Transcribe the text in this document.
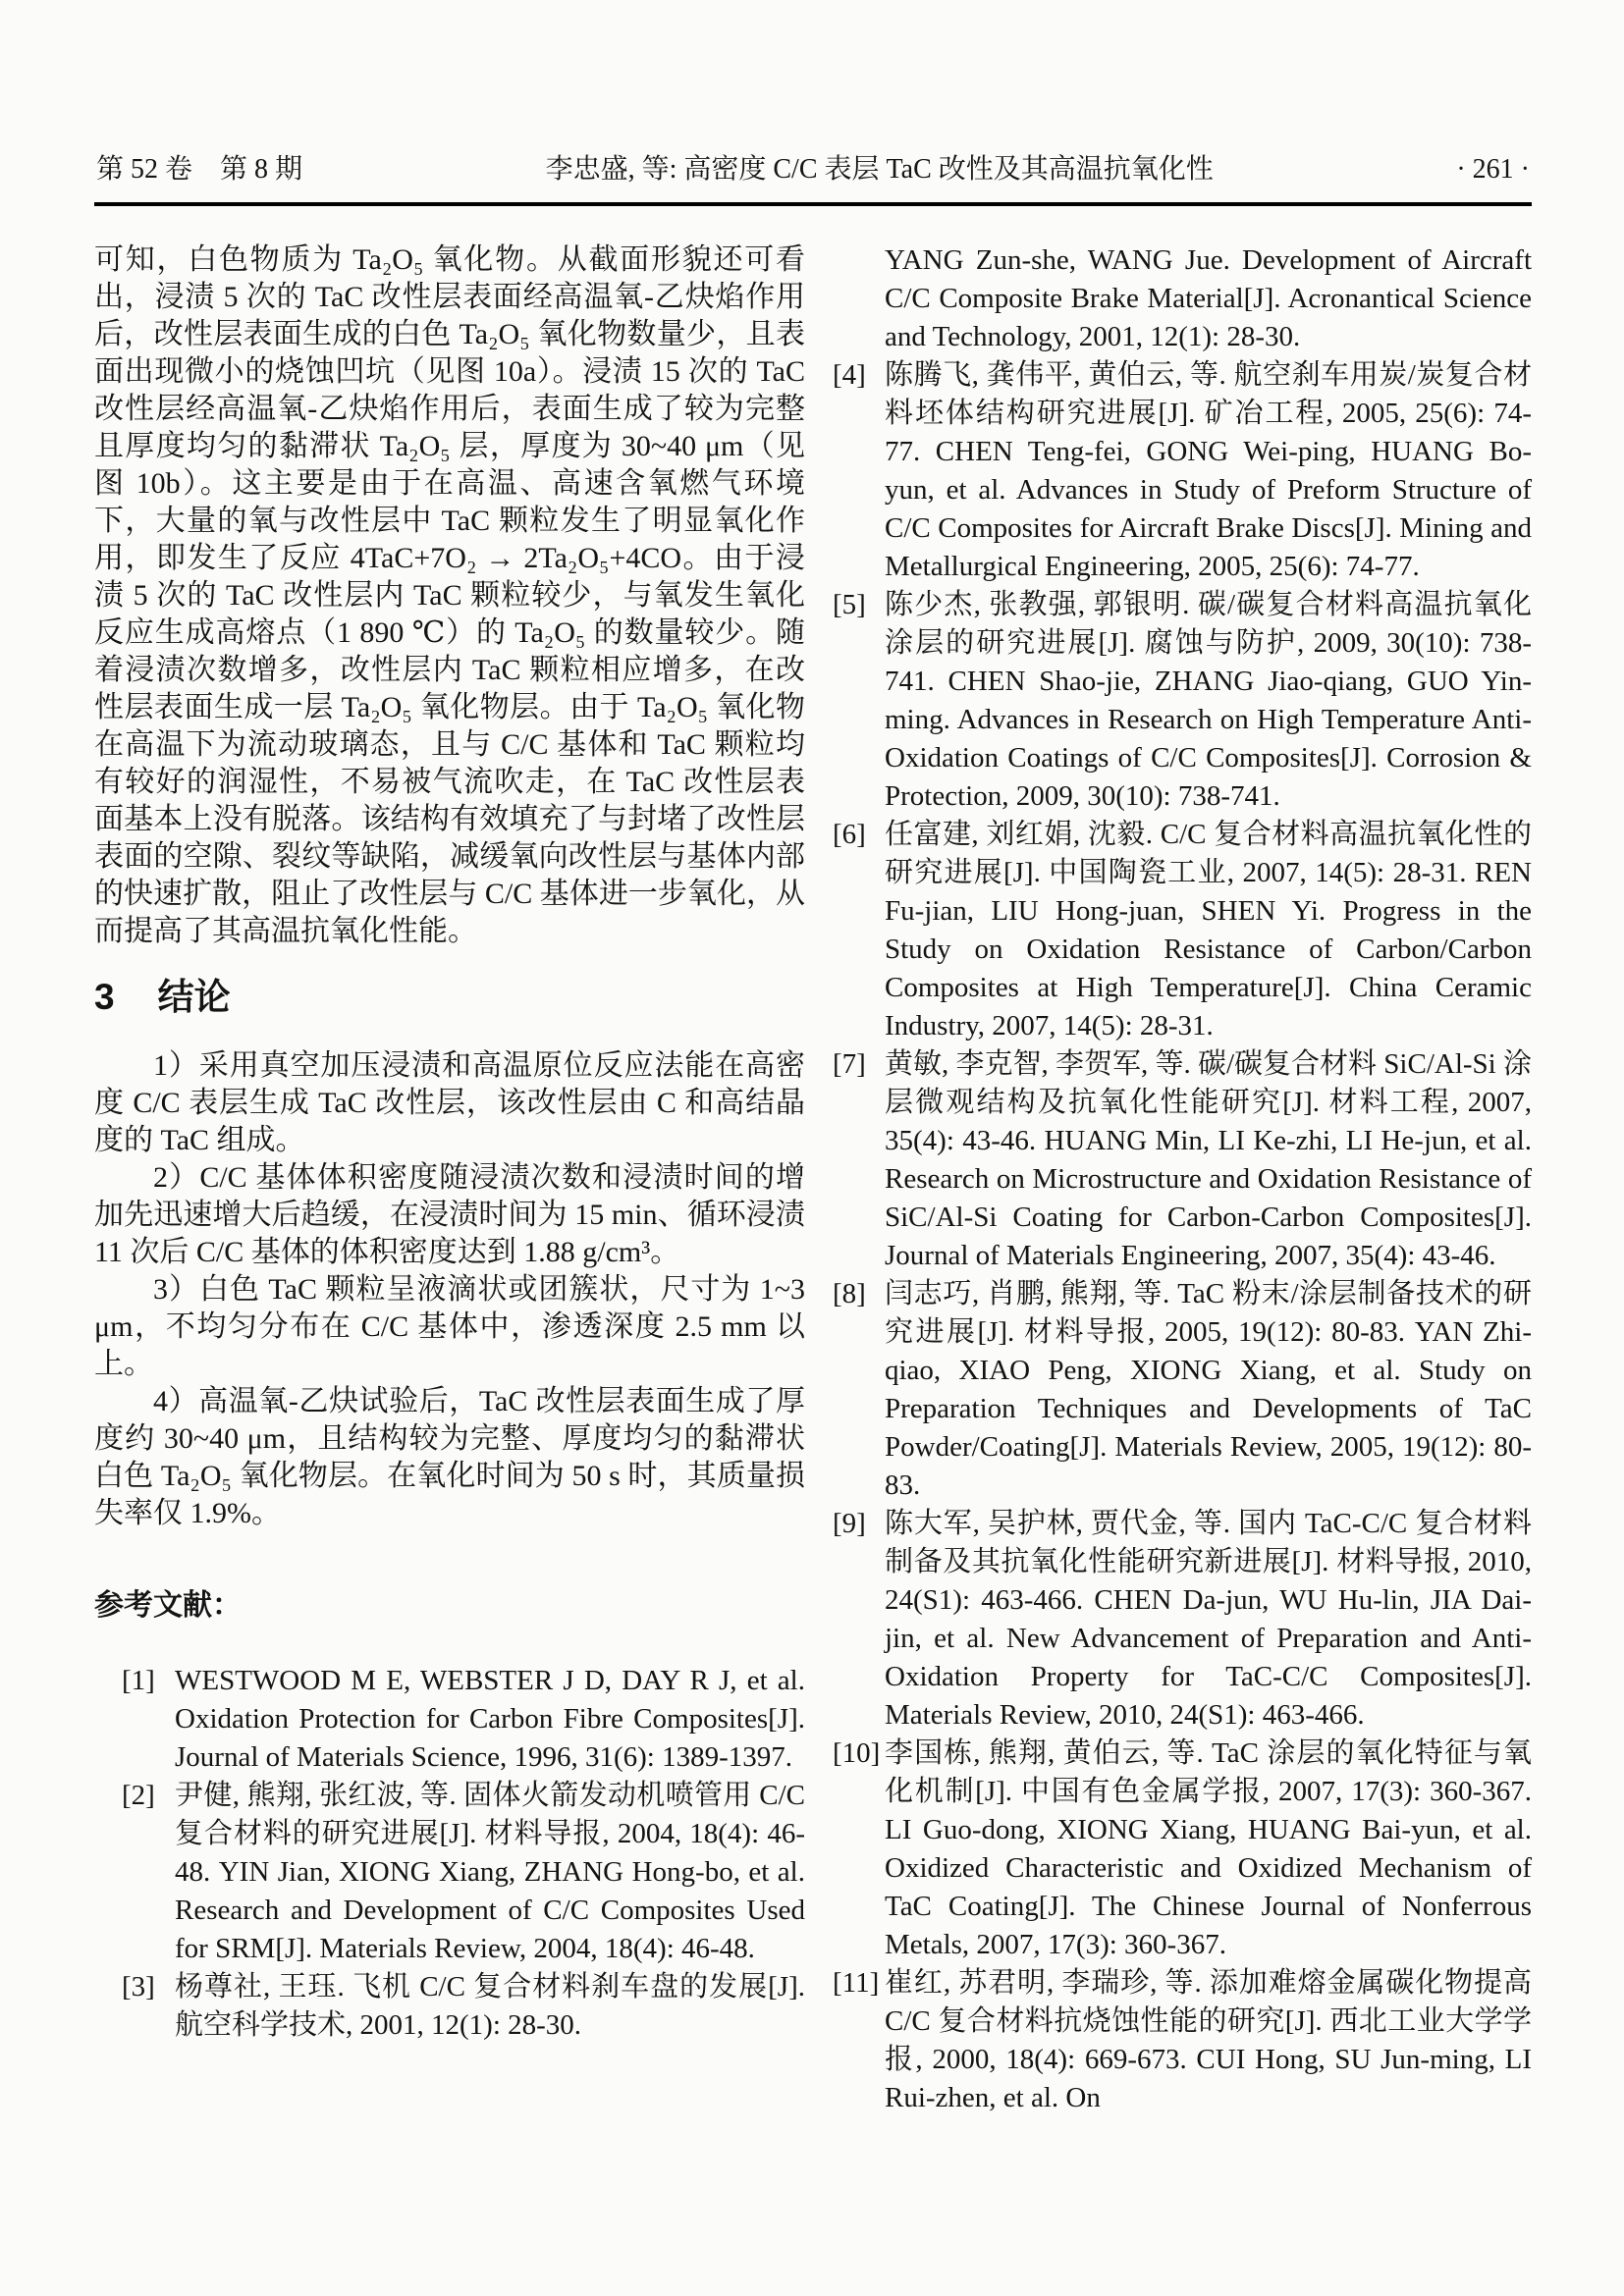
第 52 卷　第 8 期	李忠盛, 等: 高密度 C/C 表层 TaC 改性及其高温抗氧化性	· 261 ·

可知，白色物质为 Ta₂O₅ 氧化物。从截面形貌还可看出，浸渍 5 次的 TaC 改性层表面经高温氧-乙炔焰作用后，改性层表面生成的白色 Ta₂O₅ 氧化物数量少，且表面出现微小的烧蚀凹坑（见图 10a）。浸渍 15 次的 TaC 改性层经高温氧-乙炔焰作用后，表面生成了较为完整且厚度均匀的黏滞状 Ta₂O₅ 层，厚度为 30~40 μm（见图 10b）。这主要是由于在高温、高速含氧燃气环境下，大量的氧与改性层中 TaC 颗粒发生了明显氧化作用，即发生了反应 4TaC+7O₂ → 2Ta₂O₅+4CO。由于浸渍 5 次的 TaC 改性层内 TaC 颗粒较少，与氧发生氧化反应生成高熔点（1 890 ℃）的 Ta₂O₅ 的数量较少。随着浸渍次数增多，改性层内 TaC 颗粒相应增多，在改性层表面生成一层 Ta₂O₅ 氧化物层。由于 Ta₂O₅ 氧化物在高温下为流动玻璃态，且与 C/C 基体和 TaC 颗粒均有较好的润湿性，不易被气流吹走，在 TaC 改性层表面基本上没有脱落。该结构有效填充了与封堵了改性层表面的空隙、裂纹等缺陷，减缓氧向改性层与基体内部的快速扩散，阻止了改性层与 C/C 基体进一步氧化，从而提高了其高温抗氧化性能。

3 结论

1）采用真空加压浸渍和高温原位反应法能在高密度 C/C 表层生成 TaC 改性层，该改性层由 C 和高结晶度的 TaC 组成。

2）C/C 基体体积密度随浸渍次数和浸渍时间的增加先迅速增大后趋缓，在浸渍时间为 15 min、循环浸渍 11 次后 C/C 基体的体积密度达到 1.88 g/cm³。

3）白色 TaC 颗粒呈液滴状或团簇状，尺寸为 1~3 μm，不均匀分布在 C/C 基体中，渗透深度 2.5 mm 以上。

4）高温氧-乙炔试验后，TaC 改性层表面生成了厚度约 30~40 μm，且结构较为完整、厚度均匀的黏滞状白色 Ta₂O₅ 氧化物层。在氧化时间为 50 s 时，其质量损失率仅 1.9%。

参考文献：
[1] WESTWOOD M E, WEBSTER J D, DAY R J, et al. Oxidation Protection for Carbon Fibre Composites[J]. Journal of Materials Science, 1996, 31(6): 1389-1397.
[2] 尹健, 熊翔, 张红波, 等. 固体火箭发动机喷管用 C/C 复合材料的研究进展[J]. 材料导报, 2004, 18(4): 46-48. YIN Jian, XIONG Xiang, ZHANG Hong-bo, et al. Research and Development of C/C Composites Used for SRM[J]. Materials Review, 2004, 18(4): 46-48.
[3] 杨尊社, 王珏. 飞机 C/C 复合材料刹车盘的发展[J]. 航空科学技术, 2001, 12(1): 28-30.
YANG Zun-she, WANG Jue. Development of Aircraft C/C Composite Brake Material[J]. Acronantical Science and Technology, 2001, 12(1): 28-30.
[4] 陈腾飞, 龚伟平, 黄伯云, 等. 航空刹车用炭/炭复合材料坯体结构研究进展[J]. 矿冶工程, 2005, 25(6): 74-77. CHEN Teng-fei, GONG Wei-ping, HUANG Bo-yun, et al. Advances in Study of Preform Structure of C/C Composites for Aircraft Brake Discs[J]. Mining and Metallurgical Engineering, 2005, 25(6): 74-77.
[5] 陈少杰, 张教强, 郭银明. 碳/碳复合材料高温抗氧化涂层的研究进展[J]. 腐蚀与防护, 2009, 30(10): 738-741. CHEN Shao-jie, ZHANG Jiao-qiang, GUO Yin-ming. Advances in Research on High Temperature Anti-Oxidation Coatings of C/C Composites[J]. Corrosion & Protection, 2009, 30(10): 738-741.
[6] 任富建, 刘红娟, 沈毅. C/C 复合材料高温抗氧化性的研究进展[J]. 中国陶瓷工业, 2007, 14(5): 28-31. REN Fu-jian, LIU Hong-juan, SHEN Yi. Progress in the Study on Oxidation Resistance of Carbon/Carbon Composites at High Temperature[J]. China Ceramic Industry, 2007, 14(5): 28-31.
[7] 黄敏, 李克智, 李贺军, 等. 碳/碳复合材料 SiC/Al-Si 涂层微观结构及抗氧化性能研究[J]. 材料工程, 2007, 35(4): 43-46. HUANG Min, LI Ke-zhi, LI He-jun, et al. Research on Microstructure and Oxidation Resistance of SiC/Al-Si Coating for Carbon-Carbon Composites[J]. Journal of Materials Engineering, 2007, 35(4): 43-46.
[8] 闫志巧, 肖鹏, 熊翔, 等. TaC 粉末/涂层制备技术的研究进展[J]. 材料导报, 2005, 19(12): 80-83. YAN Zhi-qiao, XIAO Peng, XIONG Xiang, et al. Study on Preparation Techniques and Developments of TaC Powder/Coating[J]. Materials Review, 2005, 19(12): 80-83.
[9] 陈大军, 吴护林, 贾代金, 等. 国内 TaC-C/C 复合材料制备及其抗氧化性能研究新进展[J]. 材料导报, 2010, 24(S1): 463-466. CHEN Da-jun, WU Hu-lin, JIA Dai-jin, et al. New Advancement of Preparation and Anti-Oxidation Property for TaC-C/C Composites[J]. Materials Review, 2010, 24(S1): 463-466.
[10] 李国栋, 熊翔, 黄伯云, 等. TaC 涂层的氧化特征与氧化机制[J]. 中国有色金属学报, 2007, 17(3): 360-367. LI Guo-dong, XIONG Xiang, HUANG Bai-yun, et al. Oxidized Characteristic and Oxidized Mechanism of TaC Coating[J]. The Chinese Journal of Nonferrous Metals, 2007, 17(3): 360-367.
[11] 崔红, 苏君明, 李瑞珍, 等. 添加难熔金属碳化物提高 C/C 复合材料抗烧蚀性能的研究[J]. 西北工业大学学报, 2000, 18(4): 669-673. CUI Hong, SU Jun-ming, LI Rui-zhen, et al. On
